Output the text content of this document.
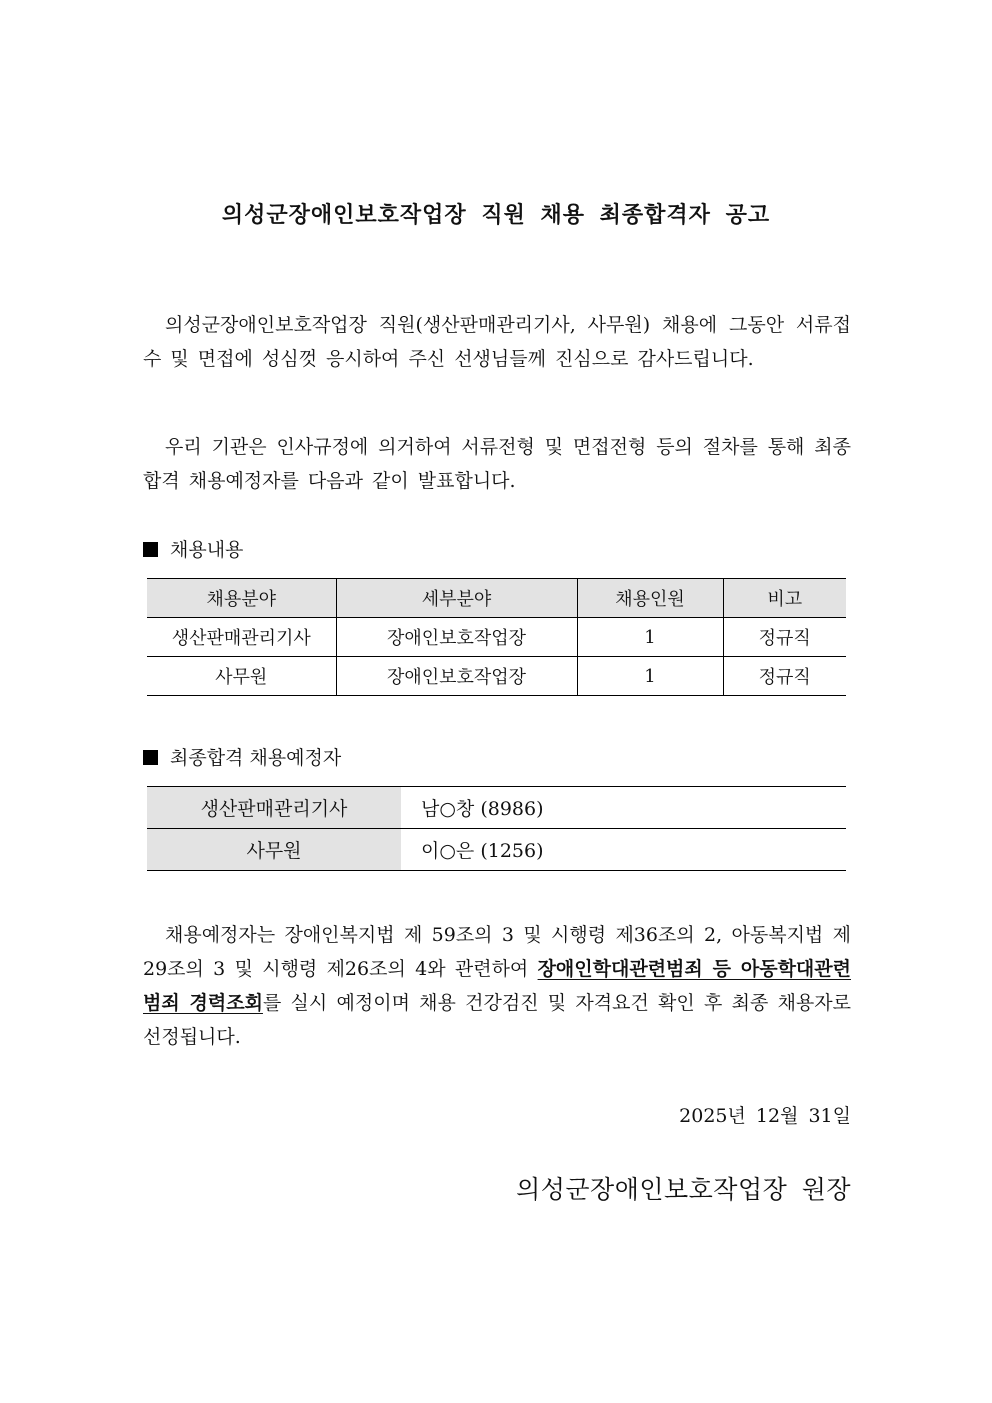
의성군장애인보호작업장 직원 채용 최종합격자 공고

의성군장애인보호작업장 직원(생산판매관리기사, 사무원) 채용에 그동안 서류접수 및 면접에 성심껏 응시하여 주신 선생님들께 진심으로 감사드립니다.

우리 기관은 인사규정에 의거하여 서류전형 및 면접전형 등의 절차를 통해 최종합격 채용예정자를 다음과 같이 발표합니다.

채용내용
채용분야	세부분야	채용인원	비고
생산판매관리기사	장애인보호작업장	1	정규직
사무원	장애인보호작업장	1	정규직
최종합격 채용예정자
생산판매관리기사	남○창 (8986)
사무원	이○은 (1256)

채용예정자는 장애인복지법 제 59조의 3 및 시행령 제36조의 2, 아동복지법 제29조의 3 및 시행령 제26조의 4와 관련하여 장애인학대관련범죄 등 아동학대관련범죄 경력조회를 실시 예정이며 채용 건강검진 및 자격요건 확인 후 최종 채용자로 선정됩니다.

2025년 12월 31일
의성군장애인보호작업장 원장
